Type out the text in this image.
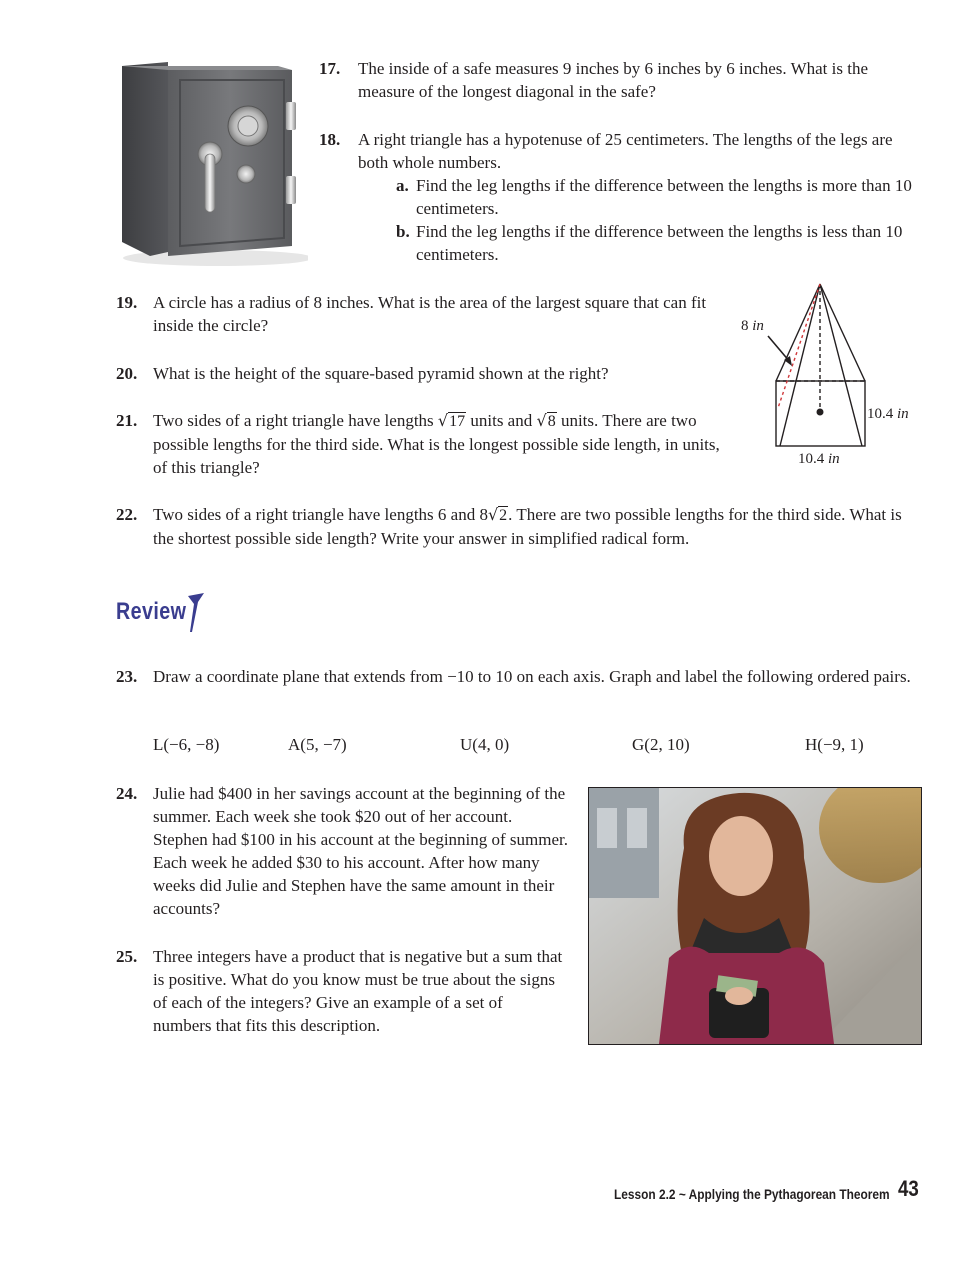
17. The inside of a safe measures 9 inches by 6 inches by 6 inches. What is the measure of the longest diagonal in the safe?
18. A right triangle has a hypotenuse of 25 centimeters. The lengths of the legs are both whole numbers.
a. Find the leg lengths if the difference between the lengths is more than 10 centimeters.
b. Find the leg lengths if the difference between the lengths is less than 10 centimeters.
19. A circle has a radius of 8 inches. What is the area of the largest square that can fit inside the circle?
20. What is the height of the square-based pyramid shown at the right?
21. Two sides of a right triangle have lengths √17 units and √8 units. There are two possible lengths for the third side. What is the longest possible side length, in units, of this triangle?
8 in
10.4 in
10.4 in
22. Two sides of a right triangle have lengths 6 and 8√2. There are two possible lengths for the third side. What is the shortest possible side length? Write your answer in simplified radical form.
Review
23. Draw a coordinate plane that extends from −10 to 10 on each axis. Graph and label the following ordered pairs.
L(−6, −8)	A(5, −7)	U(4, 0)	G(2, 10)	H(−9, 1)
24. Julie had $400 in her savings account at the beginning of the summer. Each week she took $20 out of her account. Stephen had $100 in his account at the beginning of summer. Each week he added $30 to his account. After how many weeks did Julie and Stephen have the same amount in their accounts?
25. Three integers have a product that is negative but a sum that is positive. What do you know must be true about the signs of each of the integers? Give an example of a set of numbers that fits this description.
Lesson 2.2 ~ Applying the Pythagorean Theorem 43
